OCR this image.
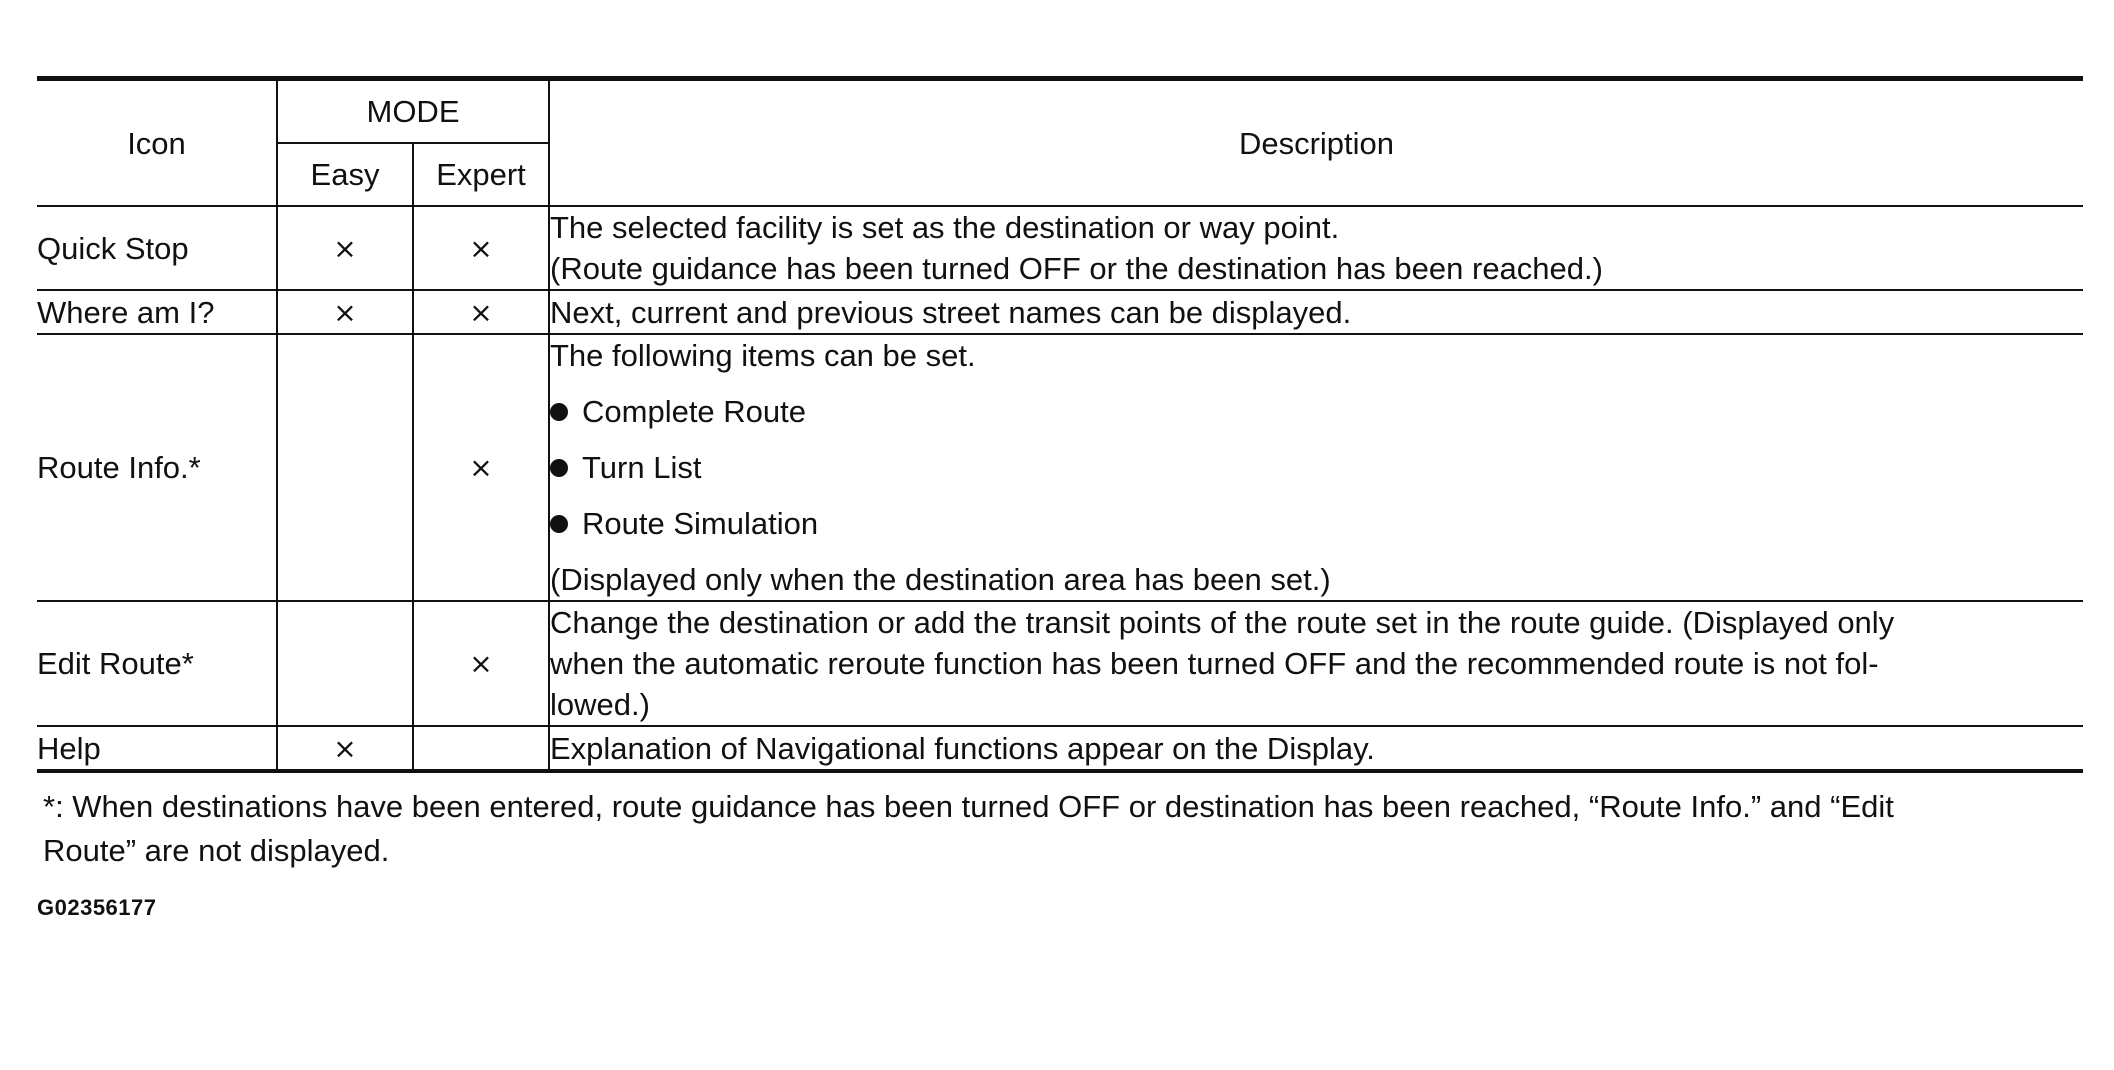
Icon	MODE		Description
	Easy	Expert	
Quick Stop	×	×	The selected facility is set as the destination or way point.
(Route guidance has been turned OFF or the destination has been reached.)

Where am I?	×	×	Next, current and previous street names can be displayed.

Route Info.*		×	The following items can be set.
Complete Route
Turn List
Route Simulation
(Displayed only when the destination area has been set.)

Edit Route*		×	Change the destination or add the transit points of the route set in the route guide. (Displayed only
when the automatic reroute function has been turned OFF and the recommended route is not fol-
lowed.)

Help	×		Explanation of Navigational functions appear on the Display.
*: When destinations have been entered, route guidance has been turned OFF or destination has been reached, “Route Info.” and “Edit
Route” are not displayed.
G02356177
